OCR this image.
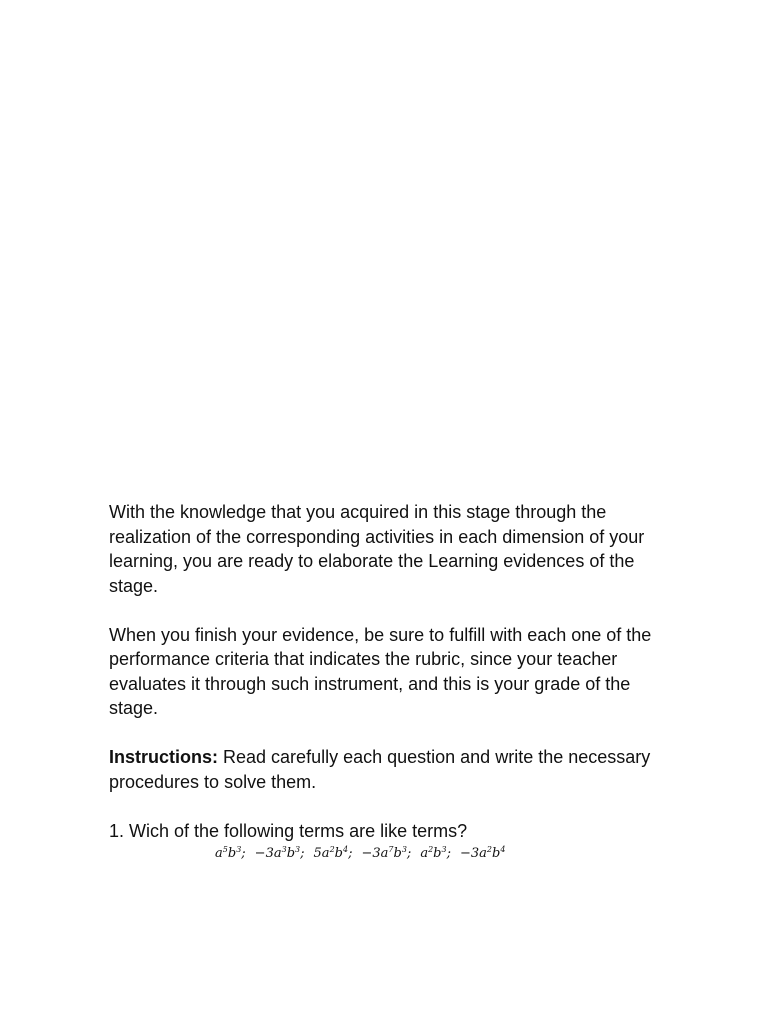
With the knowledge that you acquired in this stage through the realization of the corresponding activities in each dimension of your learning, you are ready to elaborate the Learning evidences of the stage.

When you finish your evidence, be sure to fulfill with each one of the performance criteria that indicates the rubric, since your teacher evaluates it through such instrument, and this is your grade of the stage.

Instructions: Read carefully each question and write the necessary procedures to solve them.

1. Wich of the following terms are like terms?

$a^5b^3$; $-3a^3b^3$; $5a^2b^4$; $-3a^7b^3$; $a^2b^3$; $-3a^2b^4$
